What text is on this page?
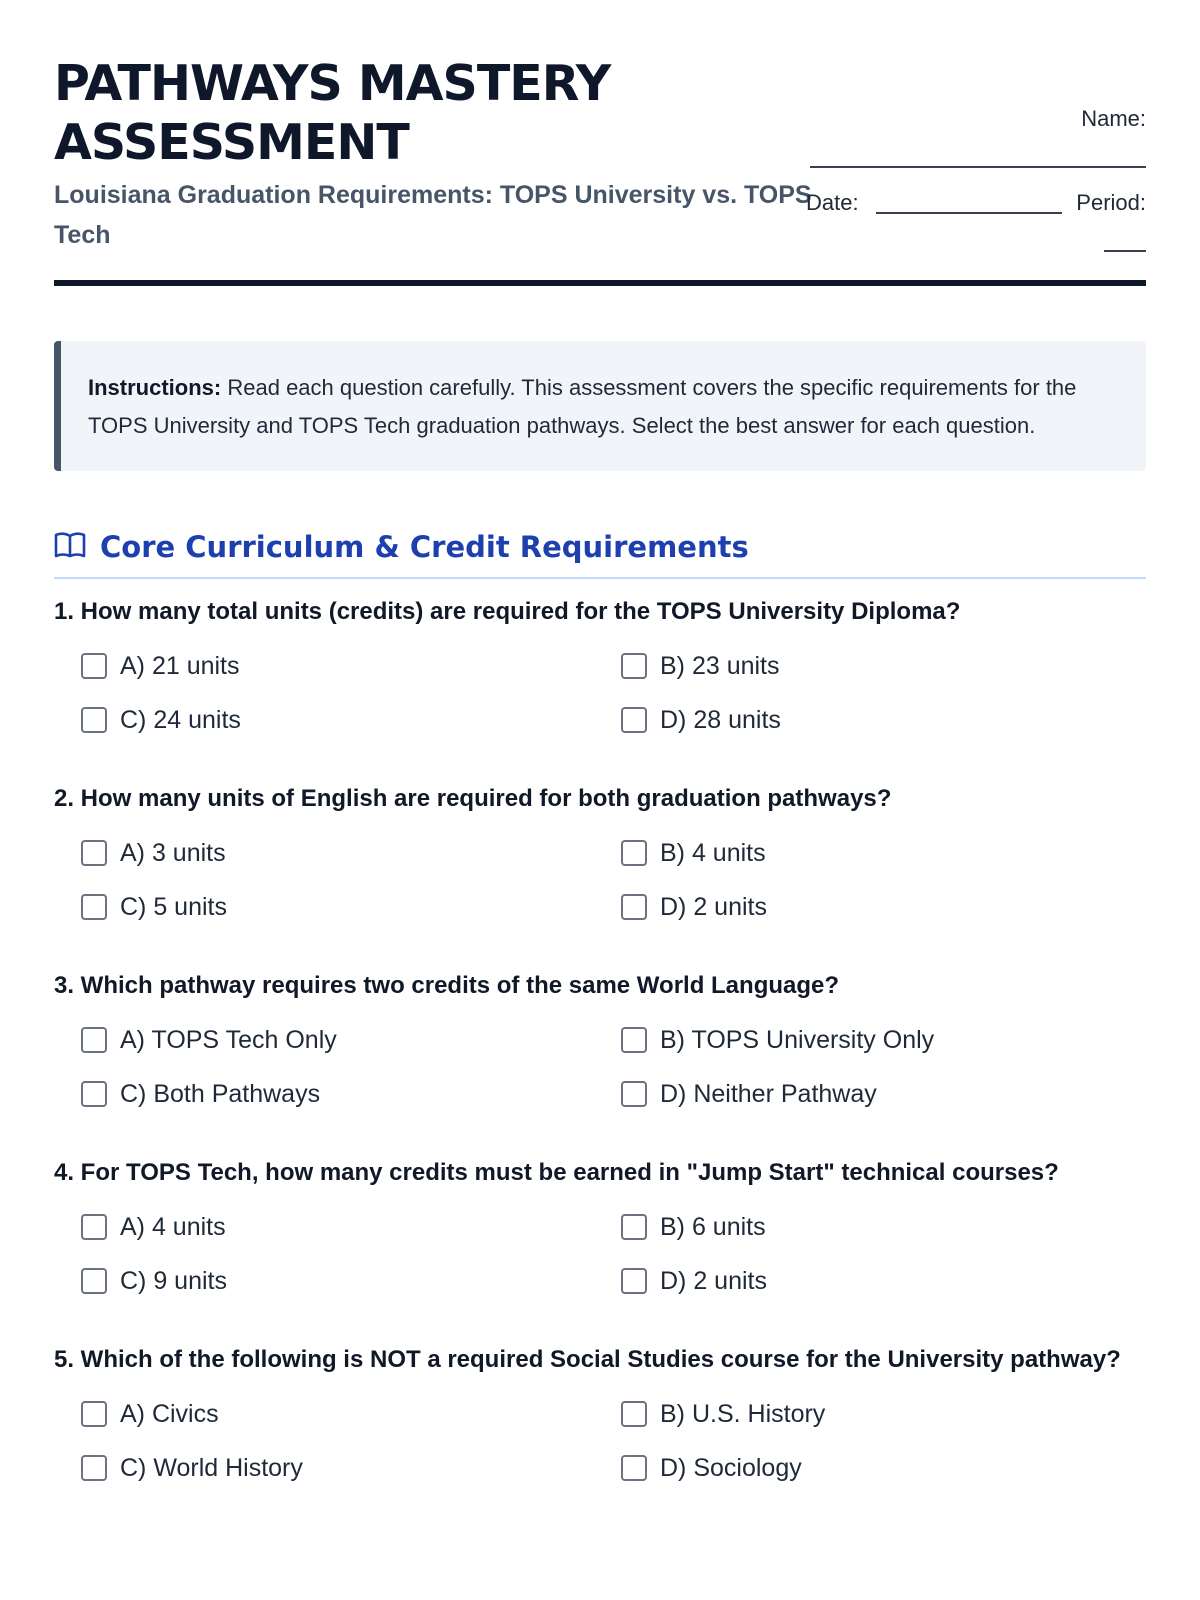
PATHWAYS MASTERY ASSESSMENT
Louisiana Graduation Requirements: TOPS University vs. TOPS Tech
Name:
Date:	Period:
Instructions: Read each question carefully. This assessment covers the specific requirements for the TOPS University and TOPS Tech graduation pathways. Select the best answer for each question.
Core Curriculum & Credit Requirements
1. How many total units (credits) are required for the TOPS University Diploma?
A) 21 units	B) 23 units
C) 24 units	D) 28 units
2. How many units of English are required for both graduation pathways?
A) 3 units	B) 4 units
C) 5 units	D) 2 units
3. Which pathway requires two credits of the same World Language?
A) TOPS Tech Only	B) TOPS University Only
C) Both Pathways	D) Neither Pathway
4. For TOPS Tech, how many credits must be earned in "Jump Start" technical courses?
A) 4 units	B) 6 units
C) 9 units	D) 2 units
5. Which of the following is NOT a required Social Studies course for the University pathway?
A) Civics	B) U.S. History
C) World History	D) Sociology
